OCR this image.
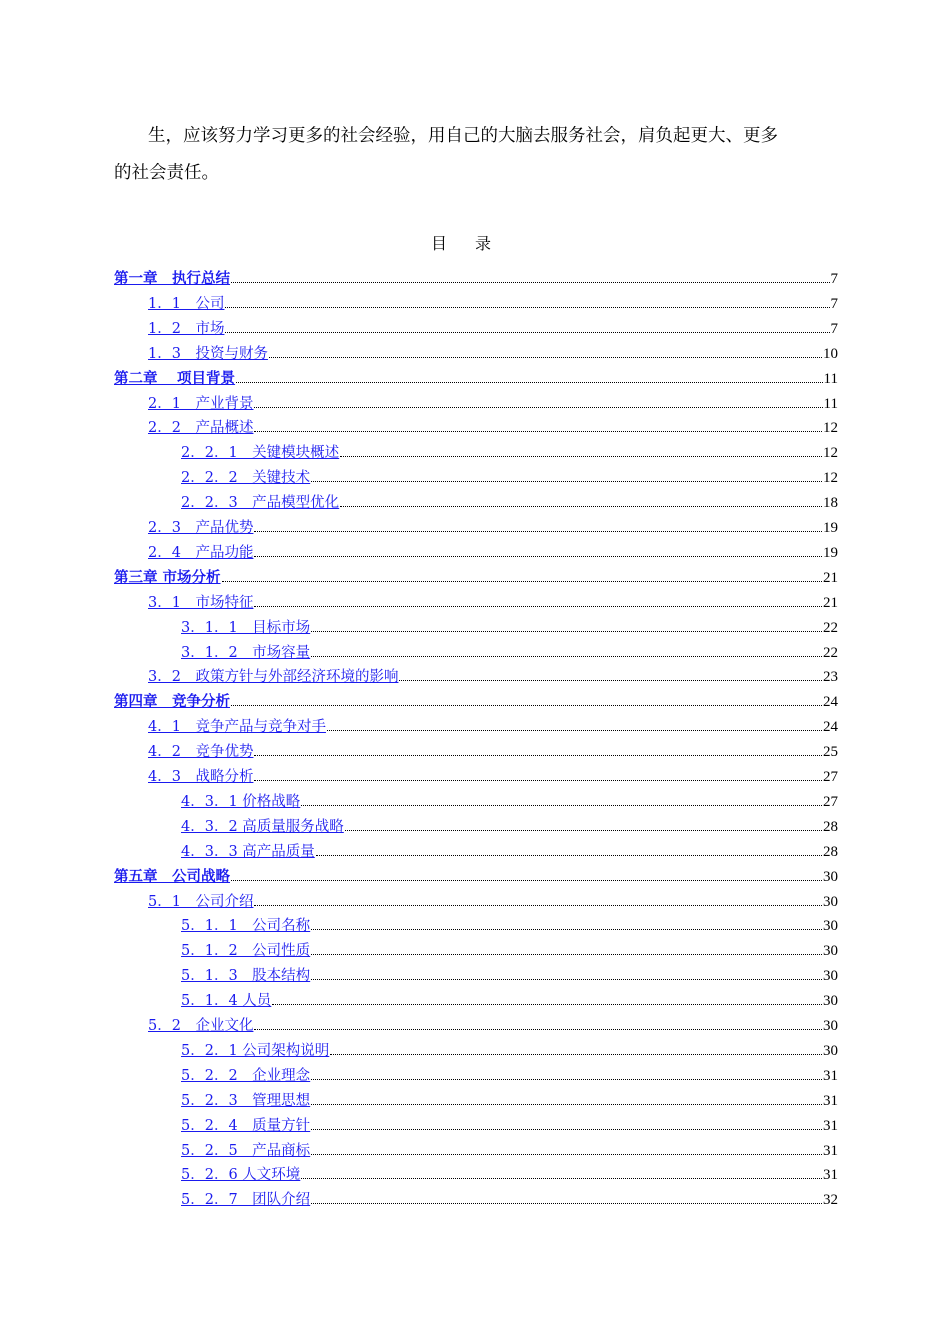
生，应该努力学习更多的社会经验，用自己的大脑去服务社会，肩负起更大、更多
的社会责任。
目录
第一章　执行总结	7
1．1　公司	7
1．2　市场	7
1．3　投资与财务	10
第二章　 项目背景	11
2．1　产业背景	11
2．2　产品概述	12
2．2．1　关键模块概述	12
2．2．2　关键技术	12
2．2．3　产品模型优化	18
2．3　产品优势	19
2．4　产品功能	19
第三章 市场分析	21
3．1　市场特征	21
3．1．1　目标市场	22
3．1．2　市场容量	22
3．2　政策方针与外部经济环境的影响	23
第四章　竞争分析	24
4．1　竞争产品与竞争对手	24
4．2　竞争优势	25
4．3　战略分析	27
4．3．1 价格战略	27
4．3．2 高质量服务战略	28
4．3．3 高产品质量	28
第五章　公司战略	30
5．1　公司介绍	30
5．1．1　公司名称	30
5．1．2　公司性质	30
5．1．3　股本结构	30
5．1．4 人员	30
5．2　企业文化	30
5．2．1 公司架构说明	30
5．2．2　企业理念	31
5．2．3　管理思想	31
5．2．4　质量方针	31
5．2．5　产品商标	31
5．2．6 人文环境	31
5．2．7　团队介绍	32
